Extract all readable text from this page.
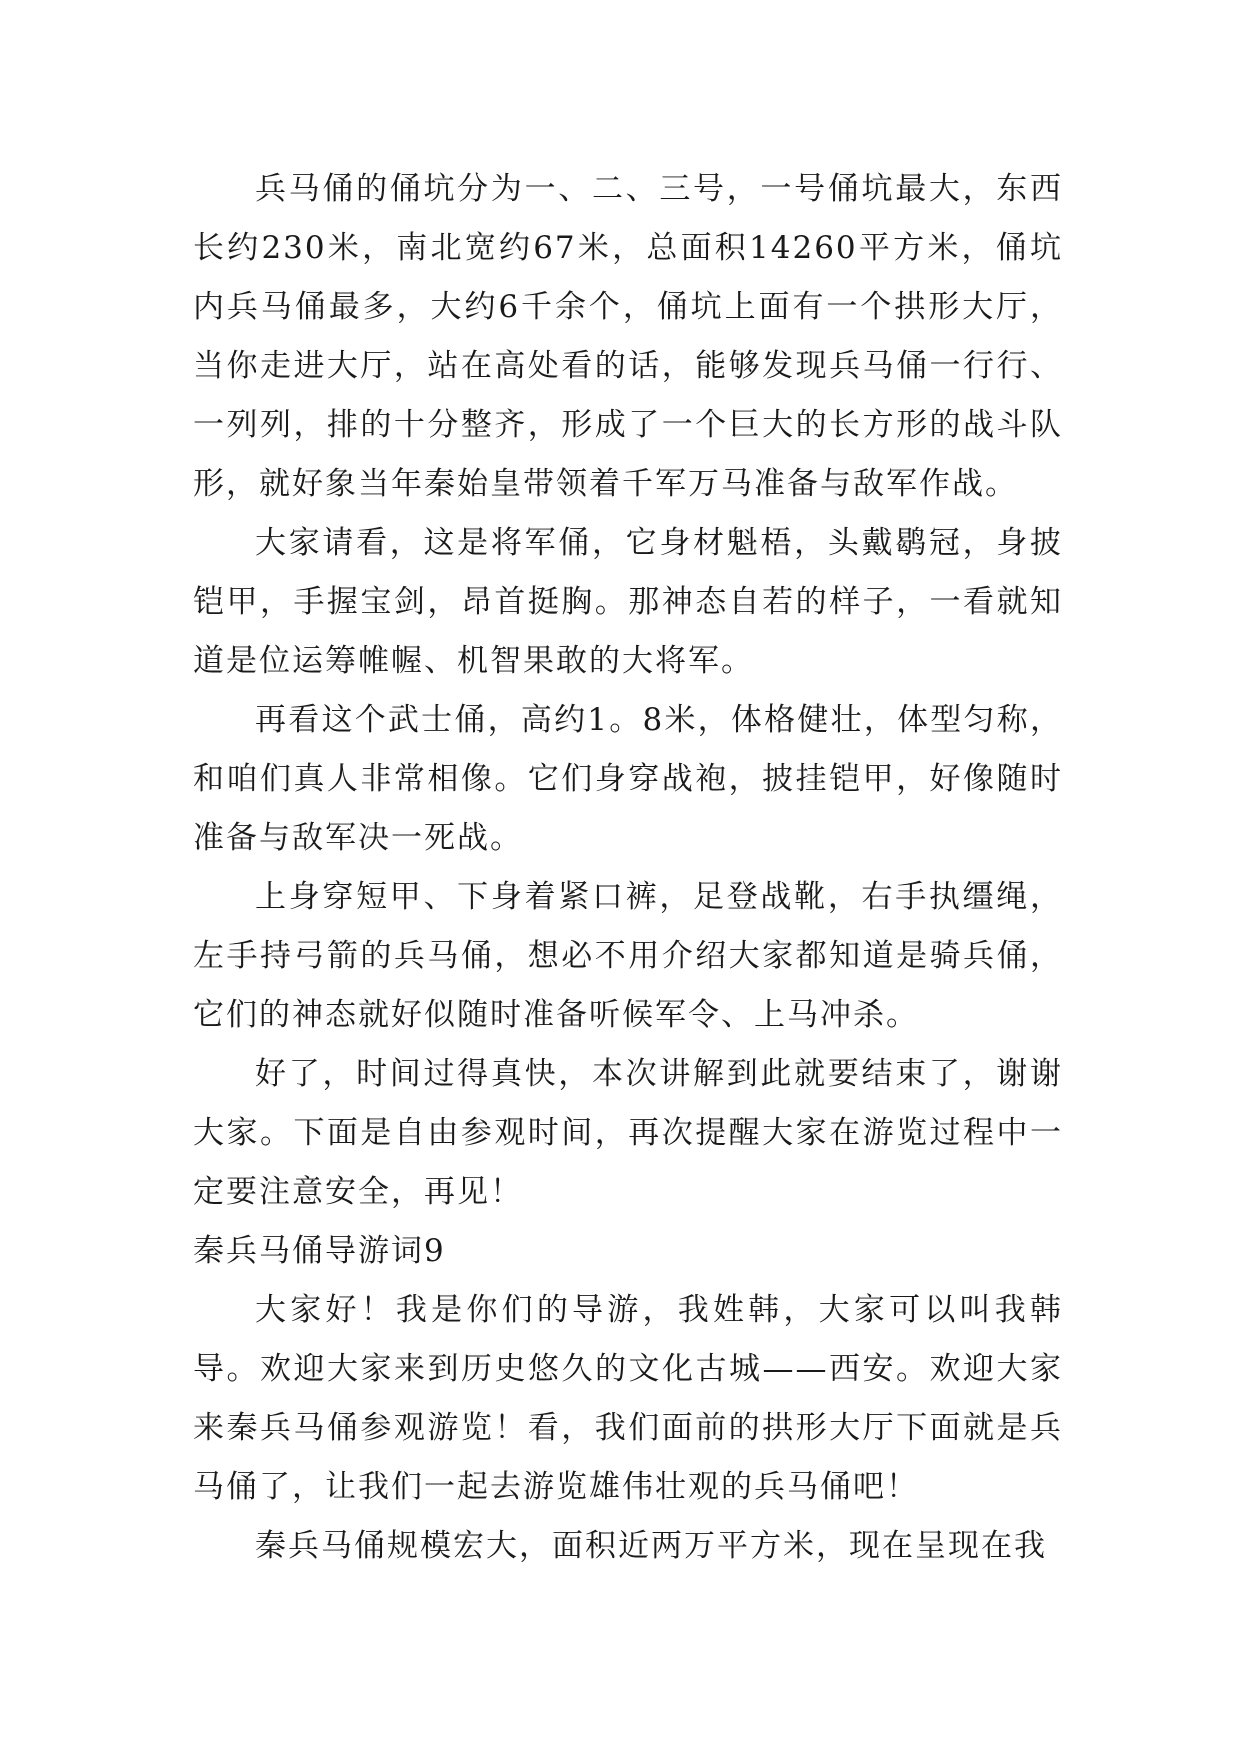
兵马俑的俑坑分为一、二、三号，一号俑坑最大，东西长约230米，南北宽约67米，总面积14260平方米，俑坑内兵马俑最多，大约6千余个，俑坑上面有一个拱形大厅，当你走进大厅，站在高处看的话，能够发现兵马俑一行行、一列列，排的十分整齐，形成了一个巨大的长方形的战斗队形，就好象当年秦始皇带领着千军万马准备与敌军作战。

大家请看，这是将军俑，它身材魁梧，头戴鹖冠，身披铠甲，手握宝剑，昂首挺胸。那神态自若的样子，一看就知道是位运筹帷幄、机智果敢的大将军。

再看这个武士俑，高约1。8米，体格健壮，体型匀称，和咱们真人非常相像。它们身穿战袍，披挂铠甲，好像随时准备与敌军决一死战。

上身穿短甲、下身着紧口裤，足登战靴，右手执缰绳，左手持弓箭的兵马俑，想必不用介绍大家都知道是骑兵俑，它们的神态就好似随时准备听候军令、上马冲杀。

好了，时间过得真快，本次讲解到此就要结束了，谢谢大家。下面是自由参观时间，再次提醒大家在游览过程中一定要注意安全，再见！

秦兵马俑导游词9

大家好！我是你们的导游，我姓韩，大家可以叫我韩导。欢迎大家来到历史悠久的文化古城——西安。欢迎大家来秦兵马俑参观游览！看，我们面前的拱形大厅下面就是兵马俑了，让我们一起去游览雄伟壮观的兵马俑吧！

秦兵马俑规模宏大，面积近两万平方米，现在呈现在我
